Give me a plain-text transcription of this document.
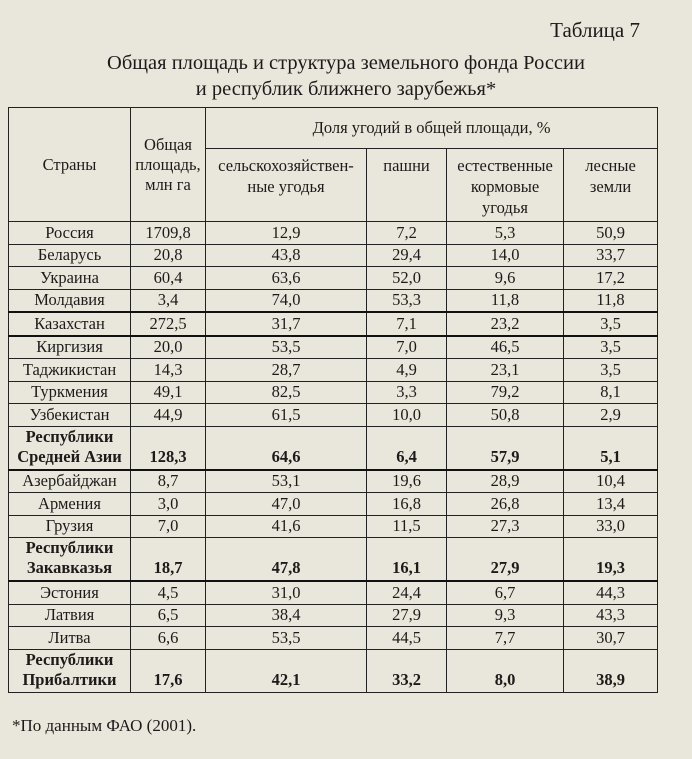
Таблица 7
Общая площадь и структура земельного фонда России
и республик ближнего зарубежья*
Страны	Общая площадь, млн га	Доля угодий в общей площади, %			
		сельскохозяйствен-ные угодья	пашни	естественные кормовые угодья	лесные земли
Россия	1709,8	12,9	7,2	5,3	50,9
Беларусь	20,8	43,8	29,4	14,0	33,7
Украина	60,4	63,6	52,0	9,6	17,2
Молдавия	3,4	74,0	53,3	11,8	11,8
Казахстан	272,5	31,7	7,1	23,2	3,5
Киргизия	20,0	53,5	7,0	46,5	3,5
Таджикистан	14,3	28,7	4,9	23,1	3,5
Туркмения	49,1	82,5	3,3	79,2	8,1
Узбекистан	44,9	61,5	10,0	50,8	2,9
Республики Средней Азии	128,3	64,6	6,4	57,9	5,1
Азербайджан	8,7	53,1	19,6	28,9	10,4
Армения	3,0	47,0	16,8	26,8	13,4
Грузия	7,0	41,6	11,5	27,3	33,0
Республики Закавказья	18,7	47,8	16,1	27,9	19,3
Эстония	4,5	31,0	24,4	6,7	44,3
Латвия	6,5	38,4	27,9	9,3	43,3
Литва	6,6	53,5	44,5	7,7	30,7
Республики Прибалтики	17,6	42,1	33,2	8,0	38,9
*По данным ФАО (2001).
